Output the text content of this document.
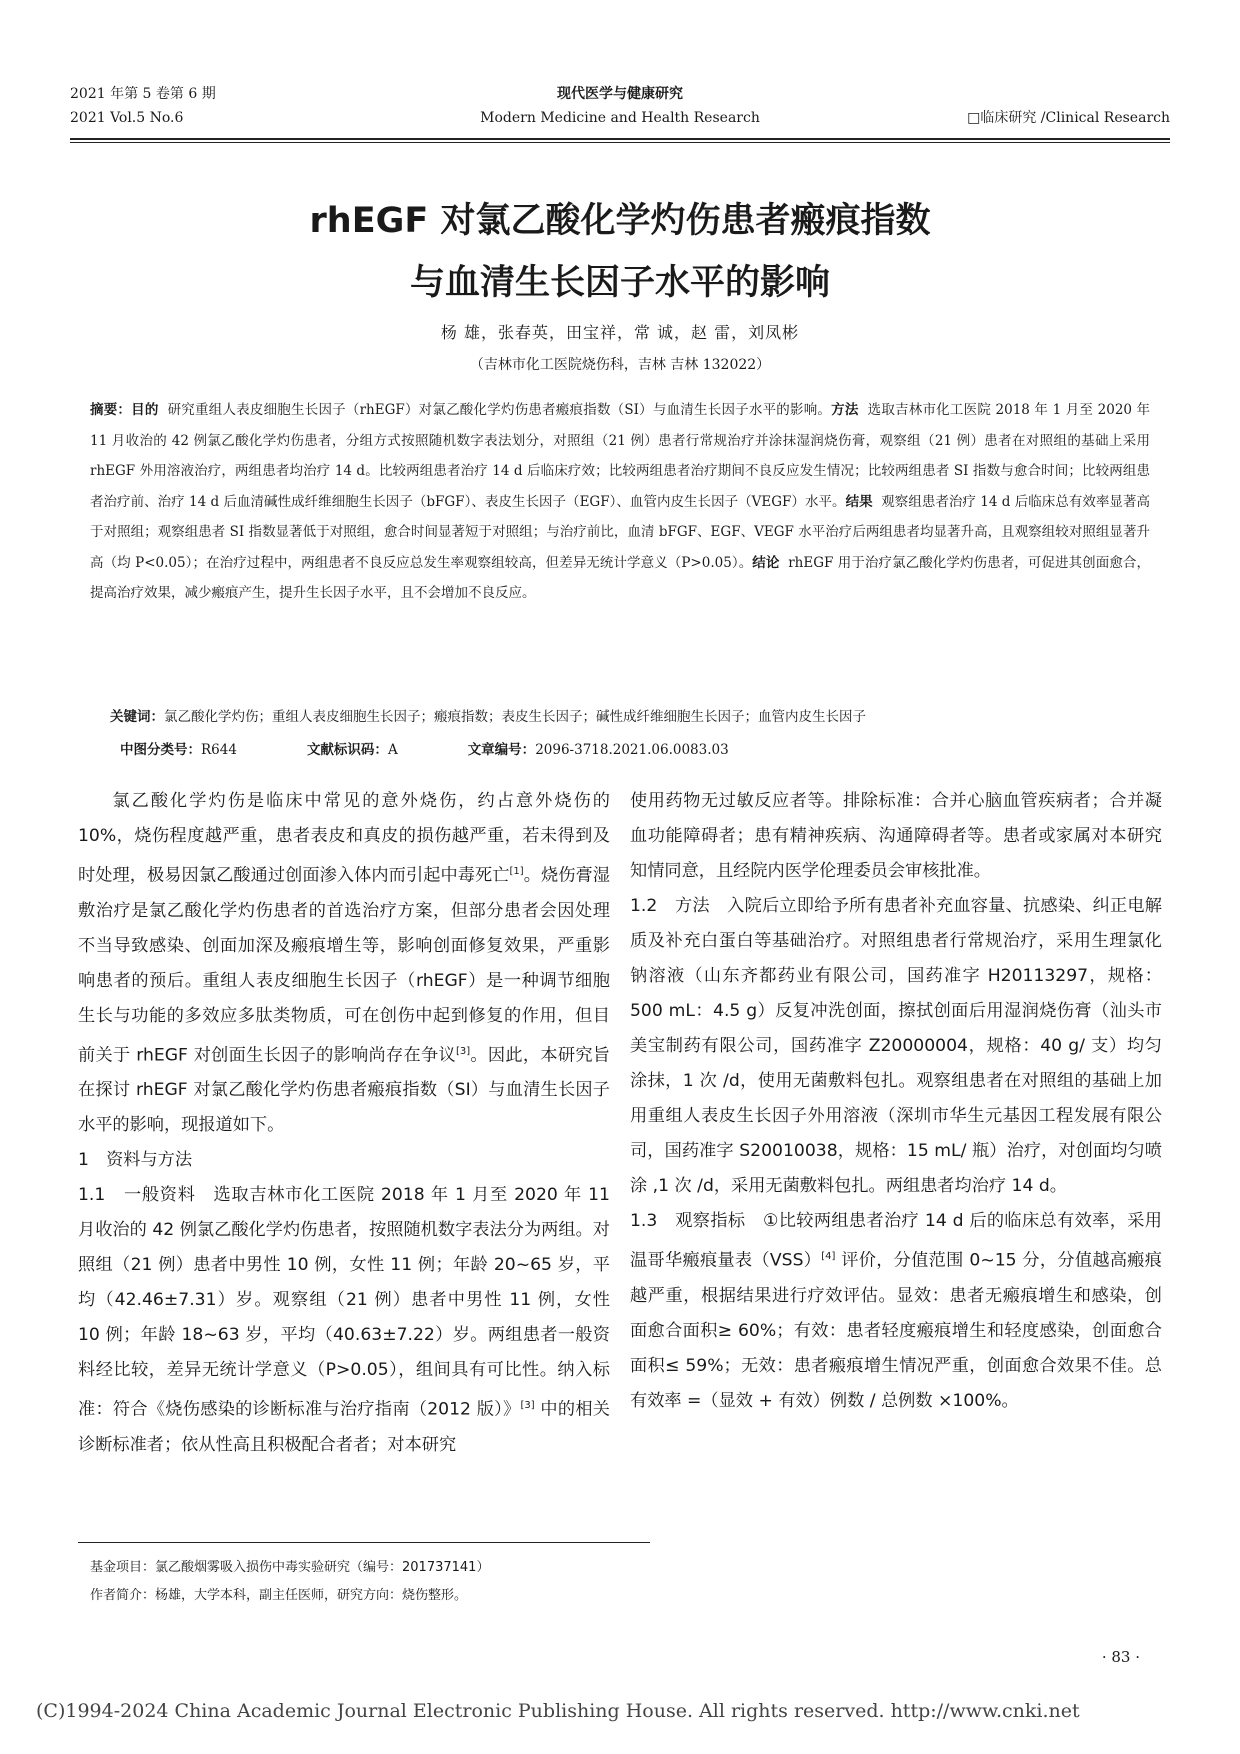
2021 年第 5 卷第 6 期
2021 Vol.5 No.6
现代医学与健康研究
Modern Medicine and Health Research	□临床研究 /Clinical Research
rhEGF 对氯乙酸化学灼伤患者瘢痕指数
与血清生长因子水平的影响
杨 雄，张春英，田宝祥，常 诚，赵 雷，刘凤彬
（吉林市化工医院烧伤科，吉林 吉林 132022）
摘要：目的 研究重组人表皮细胞生长因子（rhEGF）对氯乙酸化学灼伤患者瘢痕指数（SI）与血清生长因子水平的影响。方法 选取吉林市化工医院 2018 年 1 月至 2020 年 11 月收治的 42 例氯乙酸化学灼伤患者，分组方式按照随机数字表法划分，对照组（21 例）患者行常规治疗并涂抹湿润烧伤膏，观察组（21 例）患者在对照组的基础上采用 rhEGF 外用溶液治疗，两组患者均治疗 14 d。比较两组患者治疗 14 d 后临床疗效；比较两组患者治疗期间不良反应发生情况；比较两组患者 SI 指数与愈合时间；比较两组患者治疗前、治疗 14 d 后血清碱性成纤维细胞生长因子（bFGF）、表皮生长因子（EGF）、血管内皮生长因子（VEGF）水平。结果 观察组患者治疗 14 d 后临床总有效率显著高于对照组；观察组患者 SI 指数显著低于对照组，愈合时间显著短于对照组；与治疗前比，血清 bFGF、EGF、VEGF 水平治疗后两组患者均显著升高，且观察组较对照组显著升高（均 P<0.05）；在治疗过程中，两组患者不良反应总发生率观察组较高，但差异无统计学意义（P>0.05）。结论 rhEGF 用于治疗氯乙酸化学灼伤患者，可促进其创面愈合，提高治疗效果，减少瘢痕产生，提升生长因子水平，且不会增加不良反应。
关键词：氯乙酸化学灼伤；重组人表皮细胞生长因子；瘢痕指数；表皮生长因子；碱性成纤维细胞生长因子；血管内皮生长因子
中图分类号：R644	文献标识码：A	文章编号：2096-3718.2021.06.0083.03

氯乙酸化学灼伤是临床中常见的意外烧伤，约占意外烧伤的 10%，烧伤程度越严重，患者表皮和真皮的损伤越严重，若未得到及时处理，极易因氯乙酸通过创面渗入体内而引起中毒死亡[1]。烧伤膏湿敷治疗是氯乙酸化学灼伤患者的首选治疗方案，但部分患者会因处理不当导致感染、创面加深及瘢痕增生等，影响创面修复效果，严重影响患者的预后。重组人表皮细胞生长因子（rhEGF）是一种调节细胞生长与功能的多效应多肽类物质，可在创伤中起到修复的作用，但目前关于 rhEGF 对创面生长因子的影响尚存在争议[3]。因此，本研究旨在探讨 rhEGF 对氯乙酸化学灼伤患者瘢痕指数（SI）与血清生长因子水平的影响，现报道如下。

1　资料与方法

1.1　一般资料　选取吉林市化工医院 2018 年 1 月至 2020 年 11 月收治的 42 例氯乙酸化学灼伤患者，按照随机数字表法分为两组。对照组（21 例）患者中男性 10 例，女性 11 例；年龄 20~65 岁，平均（42.46±7.31）岁。观察组（21 例）患者中男性 11 例，女性 10 例；年龄 18~63 岁，平均（40.63±7.22）岁。两组患者一般资料经比较，差异无统计学意义（P>0.05），组间具有可比性。纳入标准：符合《烧伤感染的诊断标准与治疗指南（2012 版）》[3] 中的相关诊断标准者；依从性高且积极配合者者；对本研究

使用药物无过敏反应者等。排除标准：合并心脑血管疾病者；合并凝血功能障碍者；患有精神疾病、沟通障碍者等。患者或家属对本研究知情同意，且经院内医学伦理委员会审核批准。

1.2　方法　入院后立即给予所有患者补充血容量、抗感染、纠正电解质及补充白蛋白等基础治疗。对照组患者行常规治疗，采用生理氯化钠溶液（山东齐都药业有限公司，国药准字 H20113297，规格：500 mL：4.5 g）反复冲洗创面，擦拭创面后用湿润烧伤膏（汕头市美宝制药有限公司，国药准字 Z20000004，规格：40 g/ 支）均匀涂抹，1 次 /d，使用无菌敷料包扎。观察组患者在对照组的基础上加用重组人表皮生长因子外用溶液（深圳市华生元基因工程发展有限公司，国药准字 S20010038，规格：15 mL/ 瓶）治疗，对创面均匀喷涂 ,1 次 /d，采用无菌敷料包扎。两组患者均治疗 14 d。

1.3　观察指标　①比较两组患者治疗 14 d 后的临床总有效率，采用温哥华瘢痕量表（VSS）[4] 评价，分值范围 0~15 分，分值越高瘢痕越严重，根据结果进行疗效评估。显效：患者无瘢痕增生和感染，创面愈合面积≥ 60%；有效：患者轻度瘢痕增生和轻度感染，创面愈合面积≤ 59%；无效：患者瘢痕增生情况严重，创面愈合效果不佳。总有效率 =（显效 + 有效）例数 / 总例数 ×100%。

基金项目：氯乙酸烟雾吸入损伤中毒实验研究（编号：201737141）
作者简介：杨雄，大学本科，副主任医师，研究方向：烧伤整形。
· 83 ·
(C)1994-2024 China Academic Journal Electronic Publishing House. All rights reserved. http://www.cnki.net
